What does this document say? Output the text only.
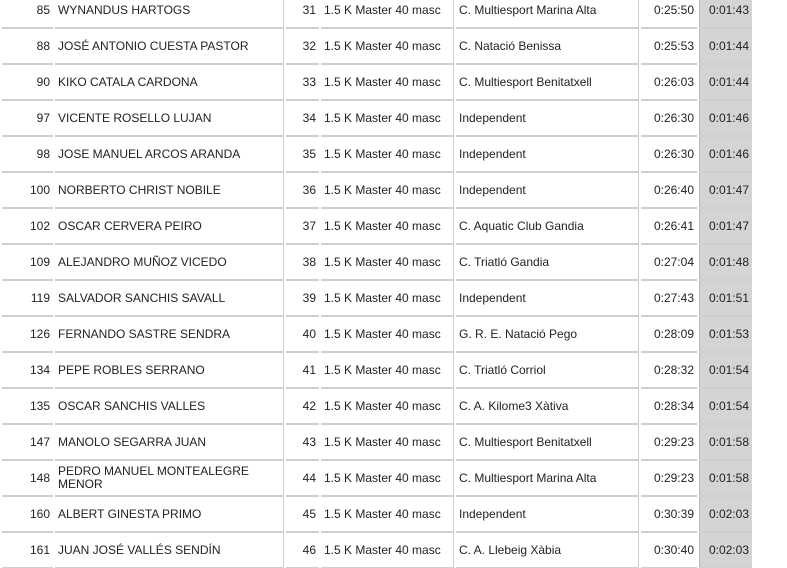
85	WYNANDUS HARTOGS	31	1.5 K Master 40 masc	C. Multiesport Marina Alta	0:25:50	0:01:43
88	JOSÉ ANTONIO CUESTA PASTOR	32	1.5 K Master 40 masc	C. Natació Benissa	0:25:53	0:01:44
90	KIKO CATALA CARDONA	33	1.5 K Master 40 masc	C. Multiesport Benitatxell	0:26:03	0:01:44
97	VICENTE ROSELLO LUJAN	34	1.5 K Master 40 masc	Independent	0:26:30	0:01:46
98	JOSE MANUEL ARCOS ARANDA	35	1.5 K Master 40 masc	Independent	0:26:30	0:01:46
100	NORBERTO CHRIST NOBILE	36	1.5 K Master 40 masc	Independent	0:26:40	0:01:47
102	OSCAR CERVERA PEIRO	37	1.5 K Master 40 masc	C. Aquatic Club Gandia	0:26:41	0:01:47
109	ALEJANDRO MUÑOZ VICEDO	38	1.5 K Master 40 masc	C. Triatló Gandia	0:27:04	0:01:48
119	SALVADOR SANCHIS SAVALL	39	1.5 K Master 40 masc	Independent	0:27:43	0:01:51
126	FERNANDO SASTRE SENDRA	40	1.5 K Master 40 masc	G. R. E. Natació Pego	0:28:09	0:01:53
134	PEPE ROBLES SERRANO	41	1.5 K Master 40 masc	C. Triatló Corriol	0:28:32	0:01:54
135	OSCAR SANCHIS VALLES	42	1.5 K Master 40 masc	C. A. Kilome3 Xàtiva	0:28:34	0:01:54
147	MANOLO SEGARRA JUAN	43	1.5 K Master 40 masc	C. Multiesport Benitatxell	0:29:23	0:01:58
148	PEDRO MANUEL MONTEALEGRE MENOR	44	1.5 K Master 40 masc	C. Multiesport Marina Alta	0:29:23	0:01:58
160	ALBERT GINESTA PRIMO	45	1.5 K Master 40 masc	Independent	0:30:39	0:02:03
161	JUAN JOSÉ VALLÉS SENDÍN	46	1.5 K Master 40 masc	C. A. Llebeig Xàbia	0:30:40	0:02:03
